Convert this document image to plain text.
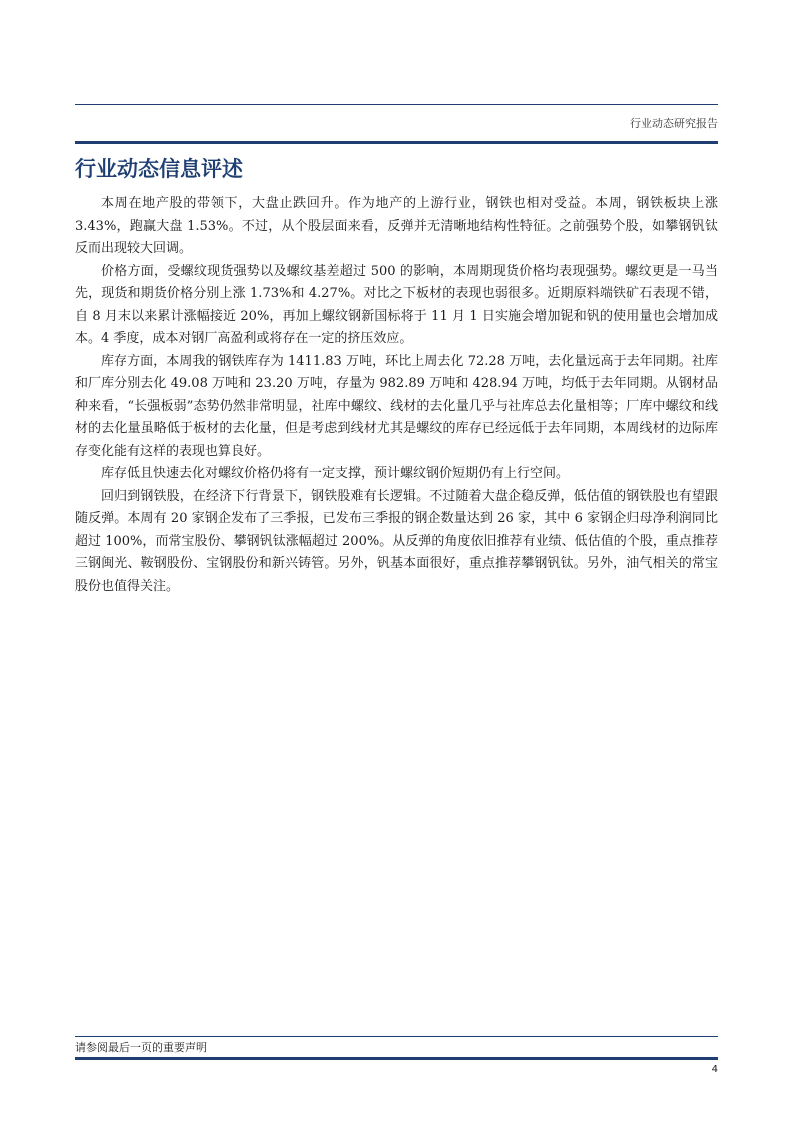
行业动态研究报告
行业动态信息评述

本周在地产股的带领下，大盘止跌回升。作为地产的上游行业，钢铁也相对受益。本周，钢铁板块上涨 3.43%，跑赢大盘 1.53%。不过，从个股层面来看，反弹并无清晰地结构性特征。之前强势个股，如攀钢钒钛反而出现较大回调。

价格方面，受螺纹现货强势以及螺纹基差超过 500 的影响，本周期现货价格均表现强势。螺纹更是一马当先，现货和期货价格分别上涨 1.73%和 4.27%。对比之下板材的表现也弱很多。近期原料端铁矿石表现不错，自 8 月末以来累计涨幅接近 20%，再加上螺纹钢新国标将于 11 月 1 日实施会增加铌和钒的使用量也会增加成本。4 季度，成本对钢厂高盈利或将存在一定的挤压效应。

库存方面，本周我的钢铁库存为 1411.83 万吨，环比上周去化 72.28 万吨，去化量远高于去年同期。社库和厂库分别去化 49.08 万吨和 23.20 万吨，存量为 982.89 万吨和 428.94 万吨，均低于去年同期。从钢材品种来看，“长强板弱”态势仍然非常明显，社库中螺纹、线材的去化量几乎与社库总去化量相等；厂库中螺纹和线材的去化量虽略低于板材的去化量，但是考虑到线材尤其是螺纹的库存已经远低于去年同期，本周线材的边际库存变化能有这样的表现也算良好。

库存低且快速去化对螺纹价格仍将有一定支撑，预计螺纹钢价短期仍有上行空间。

回归到钢铁股，在经济下行背景下，钢铁股难有长逻辑。不过随着大盘企稳反弹，低估值的钢铁股也有望跟随反弹。本周有 20 家钢企发布了三季报，已发布三季报的钢企数量达到 26 家，其中 6 家钢企归母净利润同比超过 100%，而常宝股份、攀钢钒钛涨幅超过 200%。从反弹的角度依旧推荐有业绩、低估值的个股，重点推荐三钢闽光、鞍钢股份、宝钢股份和新兴铸管。另外，钒基本面很好，重点推荐攀钢钒钛。另外，油气相关的常宝股份也值得关注。

请参阅最后一页的重要声明
4
